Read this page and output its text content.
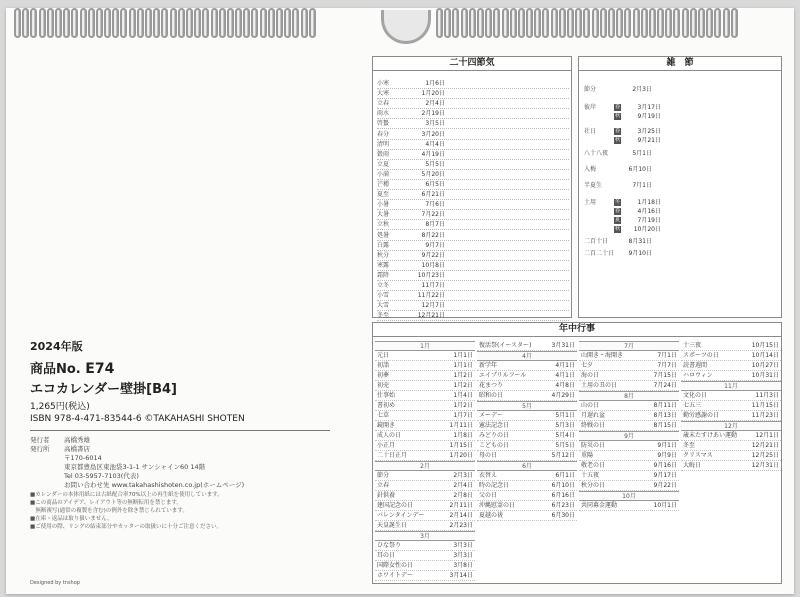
2024年版
商品No. E74
エコカレンダー壁掛[B4]
1,265円(税込)
ISBN 978-4-471-83544-6 ©TAKAHASHI SHOTEN
発行者	高橋秀雄
発行所	高橋書店
〒170-6014
東京都豊島区東池袋3-1-1 サンシャイン60 14階
Tel 03-5957-7103(代表)
お問い合わせ先 www.takahashishoten.co.jp(ホームページ)
■カレンダーの本体用紙には古紙配合率70%以上の再生紙を使用しています。
■この商品のアイデア、レイアウト等の無断転用を禁じます。
　無断複写(通常の複製を含む)の例外を除き禁じられています。
■在庫・返品は取り扱いません。
■ご使用の際、リングの結束部分やカッターの取扱いに十分ご注意ください。
Designed by tnshop
二十四節気
小寒	1月6日
大寒	1月20日
立春	2月4日
雨水	2月19日
啓蟄	3月5日
春分	3月20日
清明	4月4日
穀雨	4月19日
立夏	5月5日
小満	5月20日
芒種	6月5日
夏至	6月21日
小暑	7月6日
大暑	7月22日
立秋	8月7日
処暑	8月22日
白露	9月7日
秋分	9月22日
寒露	10月8日
霜降	10月23日
立冬	11月7日
小雪	11月22日
大雪	12月7日
冬至	12月21日
雑　節
節分	2月3日
彼岸	春	3月17日
秋	9月19日
社日	春	3月25日
秋	9月21日
八十八夜	5月1日
入梅	6月10日
半夏生	7月1日
土用	冬	1月18日
春	4月16日
夏	7月19日
秋 10月20日
二百十日	8月31日
二百二十日	9月10日
年中行事
1月
元日	1月1日
初詣	1月1日
初夢	1月2日
初売	1月2日
仕事始	1月4日
書初め	1月2日
七草	1月7日
鏡開き	1月11日
成人の日	1月8日
小正月	1月15日
二十日正月	1月20日
2月
節分	2月3日
立春	2月4日
針供養	2月8日
建国記念の日	2月11日
バレンタインデー	2月14日
天皇誕生日	2月23日
3月
ひな祭り	3月3日
耳の日	3月3日
国際女性の日	3月8日
ホワイトデー	3月14日
復活祭(イースター)	3月31日
4月
新学年	4月1日
エイプリルフール	4月1日
花まつり	4月8日
昭和の日	4月29日
5月
メーデー	5月1日
憲法記念日	5月3日
みどりの日	5月4日
こどもの日	5月5日
母の日	5月12日
6月
衣替え	6月1日
時の記念日	6月10日
父の日	6月16日
沖縄慰霊の日	6月23日
夏越の祓	6月30日
7月
山開き・海開き	7月1日
七夕	7月7日
海の日	7月15日
土用の丑の日	7月24日
8月
山の日	8月11日
月遅れ盆	8月13日
終戦の日	8月15日
9月
防災の日	9月1日
重陽	9月9日
敬老の日	9月16日
十五夜	9月17日
秋分の日	9月22日
10月
共同募金運動	10月1日
十三夜	10月15日
スポーツの日	10月14日
読書週間	10月27日
ハロウィン	10月31日
11月
文化の日	11月3日
七五三	11月15日
勤労感謝の日	11月23日
12月
歳末たすけあい運動	12月1日
冬至	12月21日
クリスマス	12月25日
大晦日	12月31日
